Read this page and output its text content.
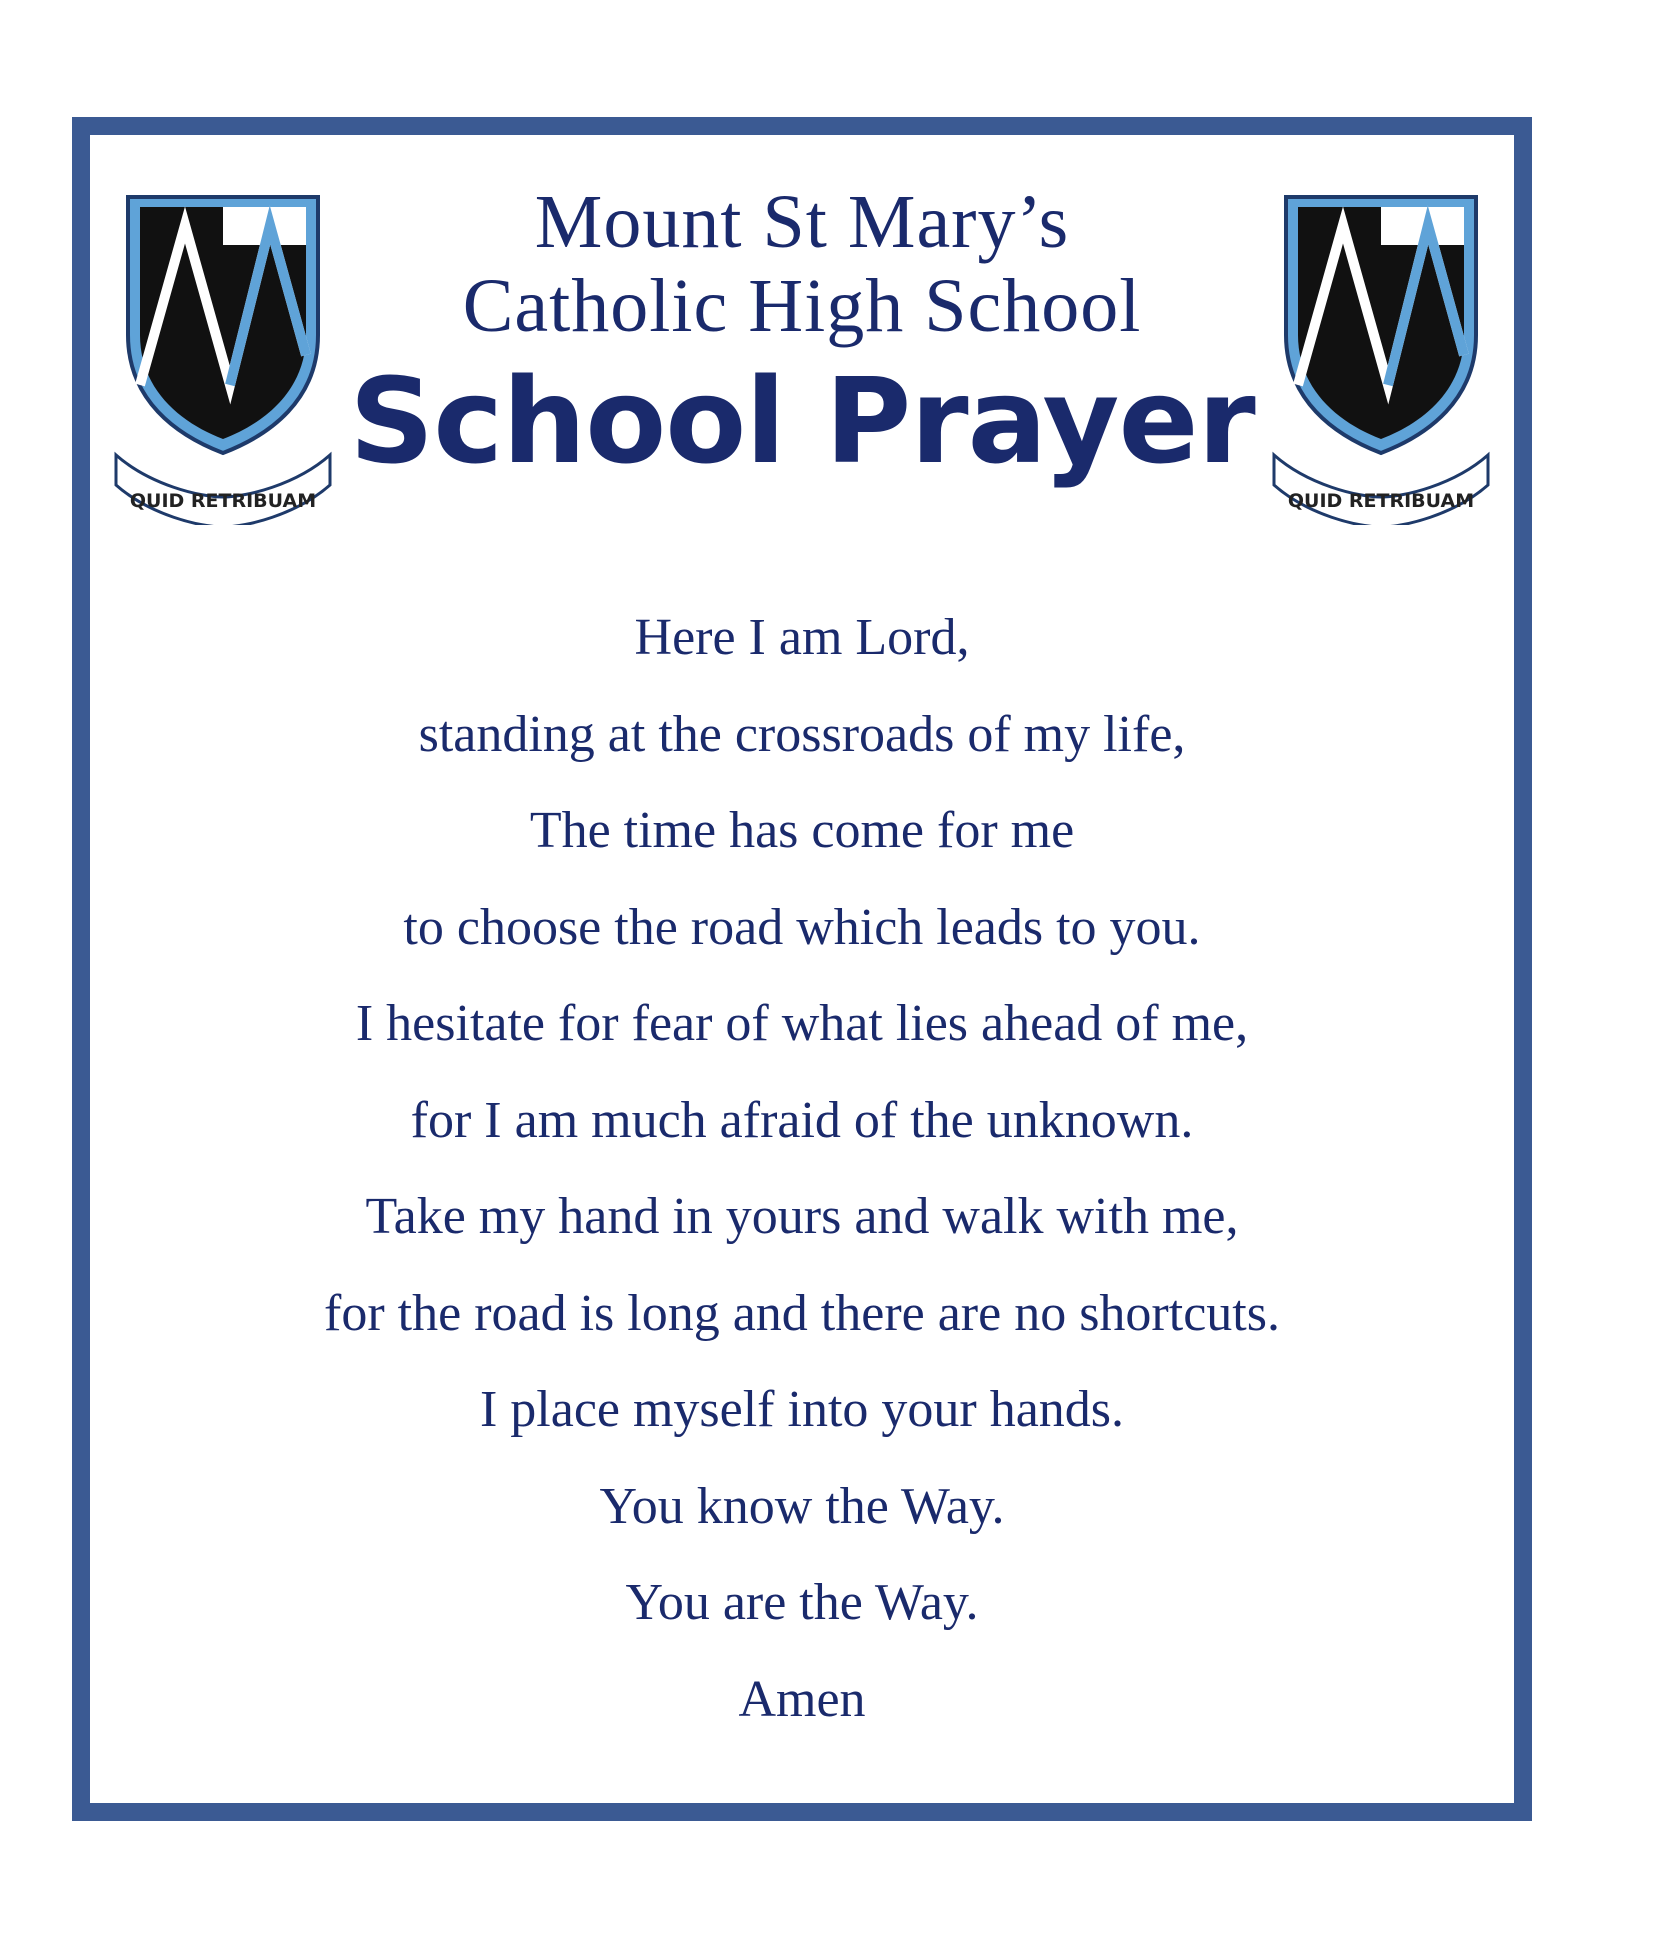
QUID RETRIBUAM	QUID RETRIBUAM

Mount St Mary’s

Catholic High School

School Prayer
Here I am Lord,
standing at the crossroads of my life,
The time has come for me
to choose the road which leads to you.
I hesitate for fear of what lies ahead of me,
for I am much afraid of the unknown.
Take my hand in yours and walk with me,
for the road is long and there are no shortcuts.
I place myself into your hands.
You know the Way.
You are the Way.
Amen
